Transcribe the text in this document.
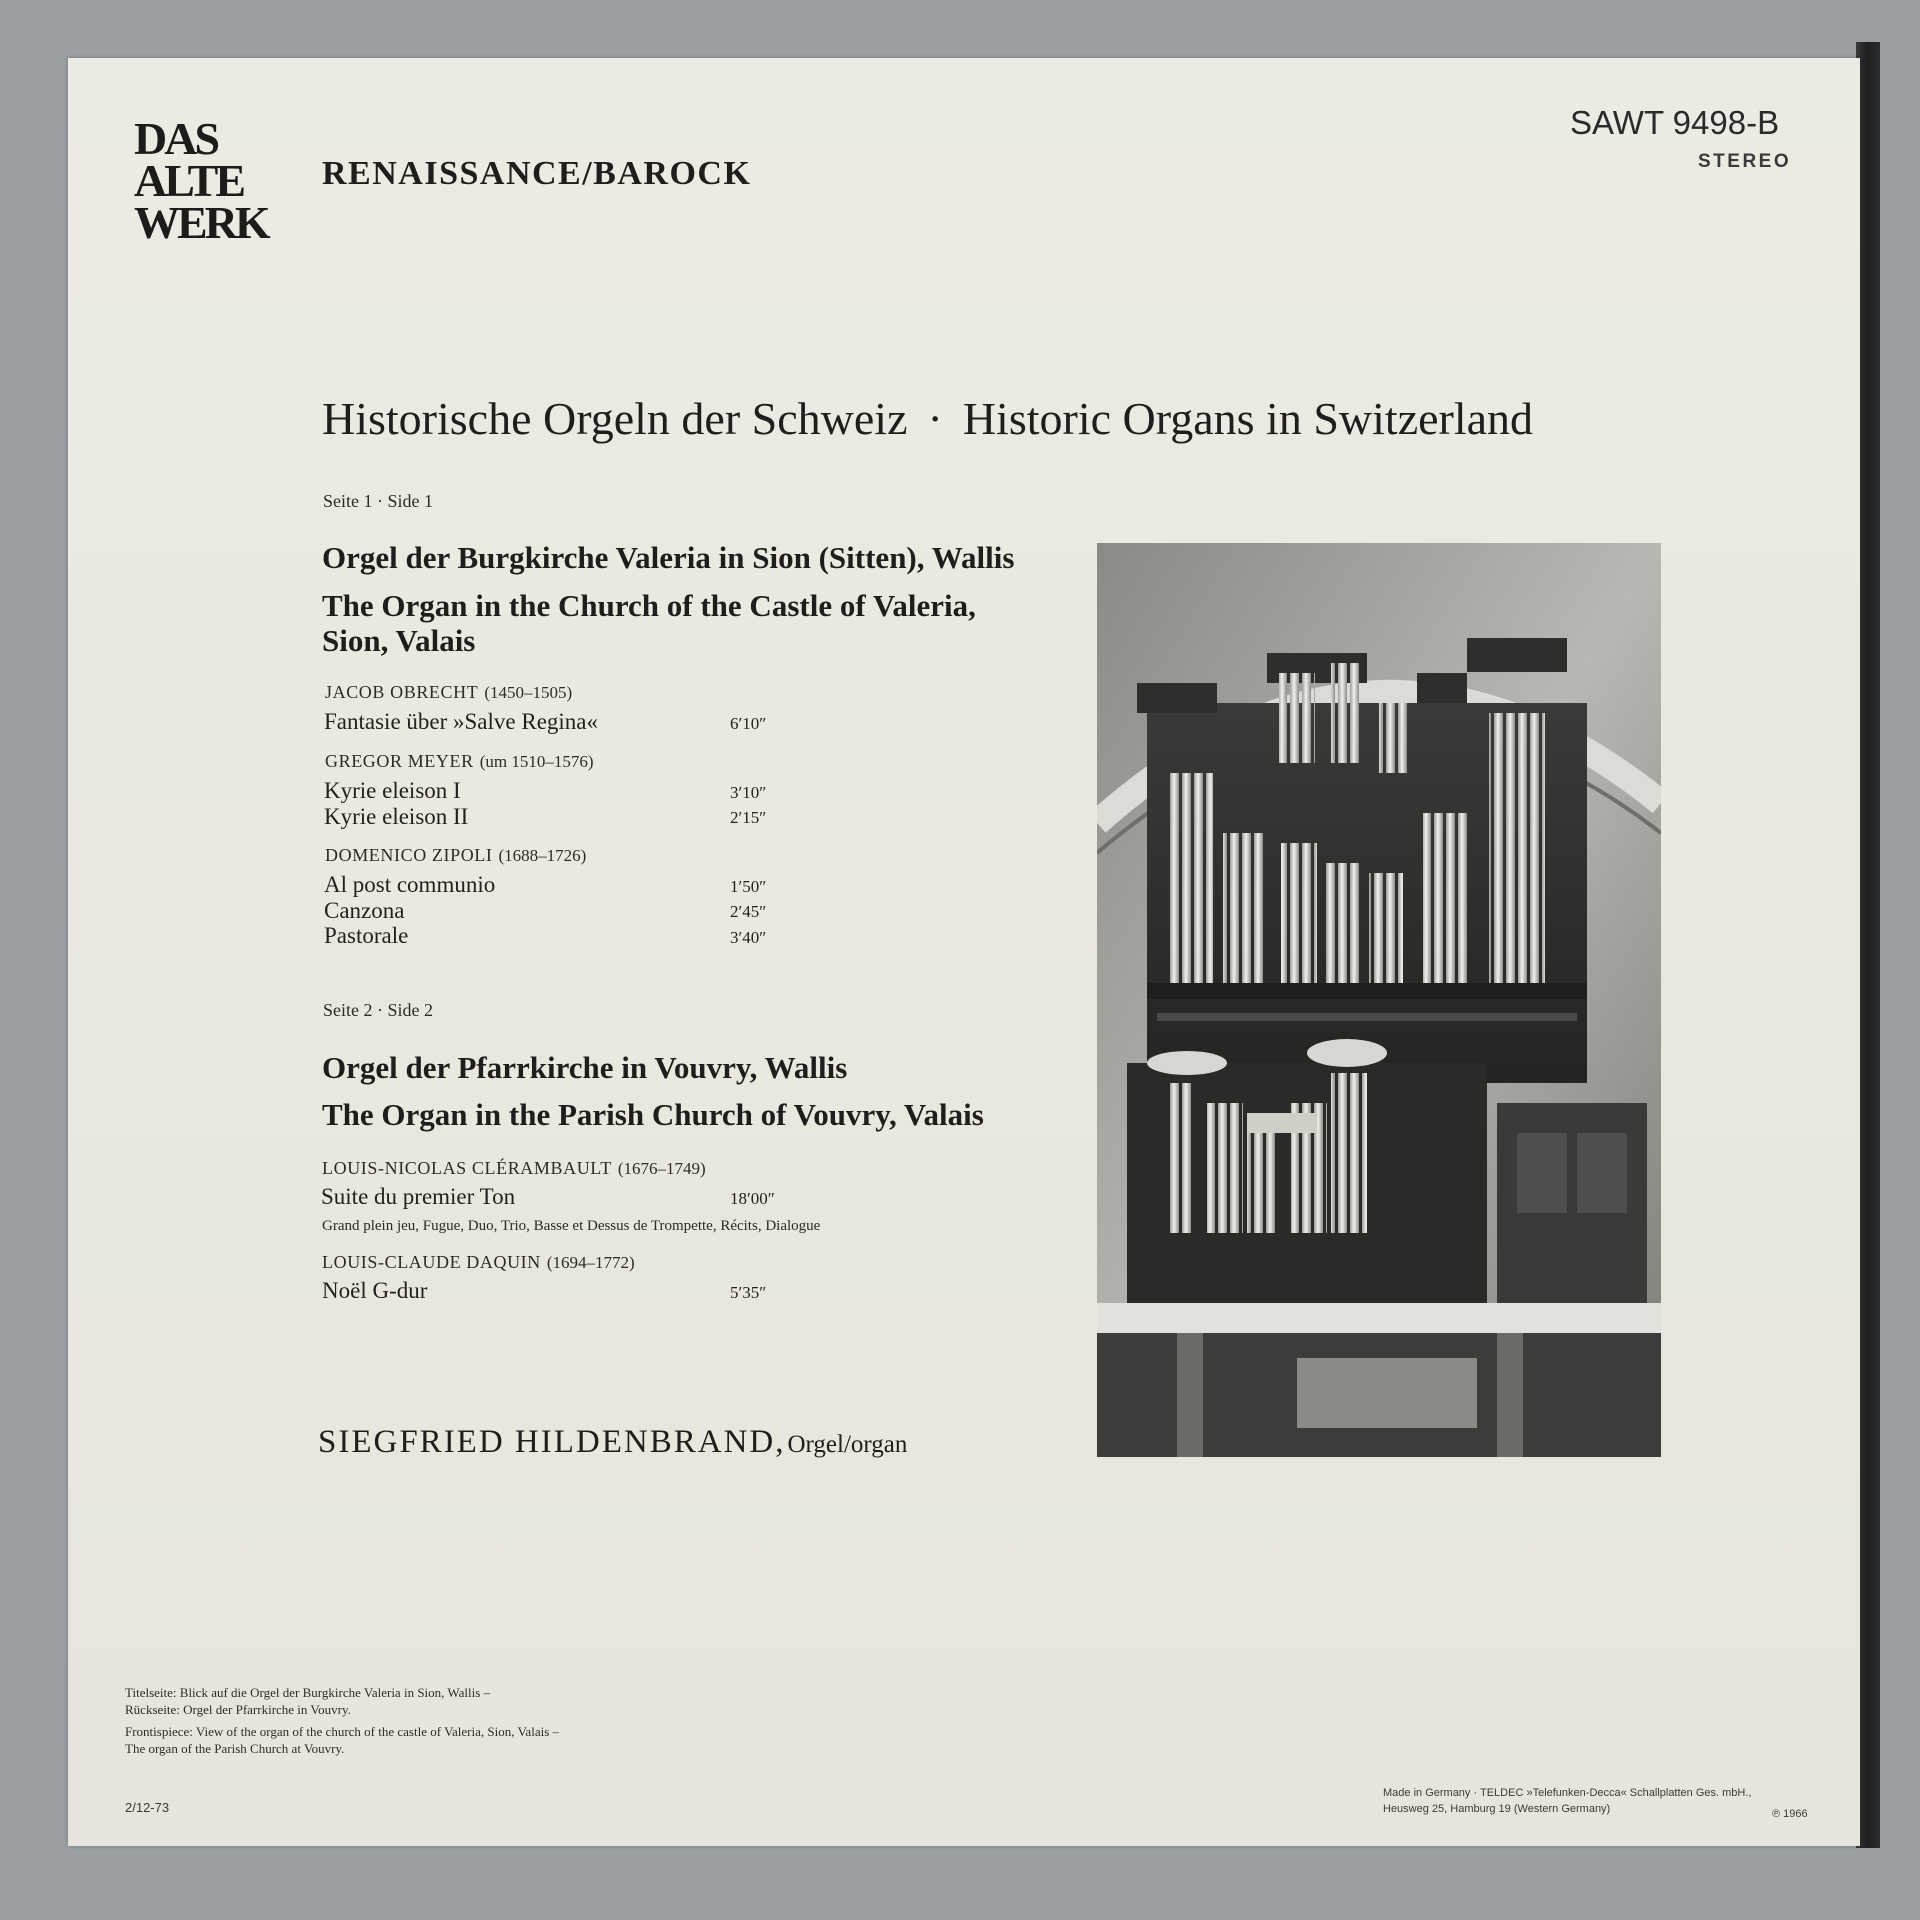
DAS
ALTE
WERK
RENAISSANCE/BAROCK
SAWT 9498-B
STEREO
Historische Orgeln der Schweiz · Historic Organs in Switzerland
Seite 1 · Side 1
Orgel der Burgkirche Valeria in Sion (Sitten), Wallis
The Organ in the Church of the Castle of Valeria,
Sion, Valais
JACOB OBRECHT (1450–1505)
Fantasie über »Salve Regina«	6′10″
GREGOR MEYER (um 1510–1576)
Kyrie eleison I	3′10″
Kyrie eleison II	2′15″
DOMENICO ZIPOLI (1688–1726)
Al post communio	1′50″
Canzona	2′45″
Pastorale	3′40″
Seite 2 · Side 2
Orgel der Pfarrkirche in Vouvry, Wallis
The Organ in the Parish Church of Vouvry, Valais
LOUIS-NICOLAS CLÉRAMBAULT (1676–1749)
Suite du premier Ton	18′00″
Grand plein jeu, Fugue, Duo, Trio, Basse et Dessus de Trompette, Récits, Dialogue
LOUIS-CLAUDE DAQUIN (1694–1772)
Noël G-dur	5′35″
SIEGFRIED HILDENBRAND,Orgel/organ
Titelseite: Blick auf die Orgel der Burgkirche Valeria in Sion, Wallis –
Rückseite: Orgel der Pfarrkirche in Vouvry.
Frontispiece: View of the organ of the church of the castle of Valeria, Sion, Valais –
The organ of the Parish Church at Vouvry.
2/12-73
Made in Germany · TELDEC »Telefunken-Decca« Schallplatten Ges. mbH.,
Heusweg 25, Hamburg 19 (Western Germany)	℗ 1966
